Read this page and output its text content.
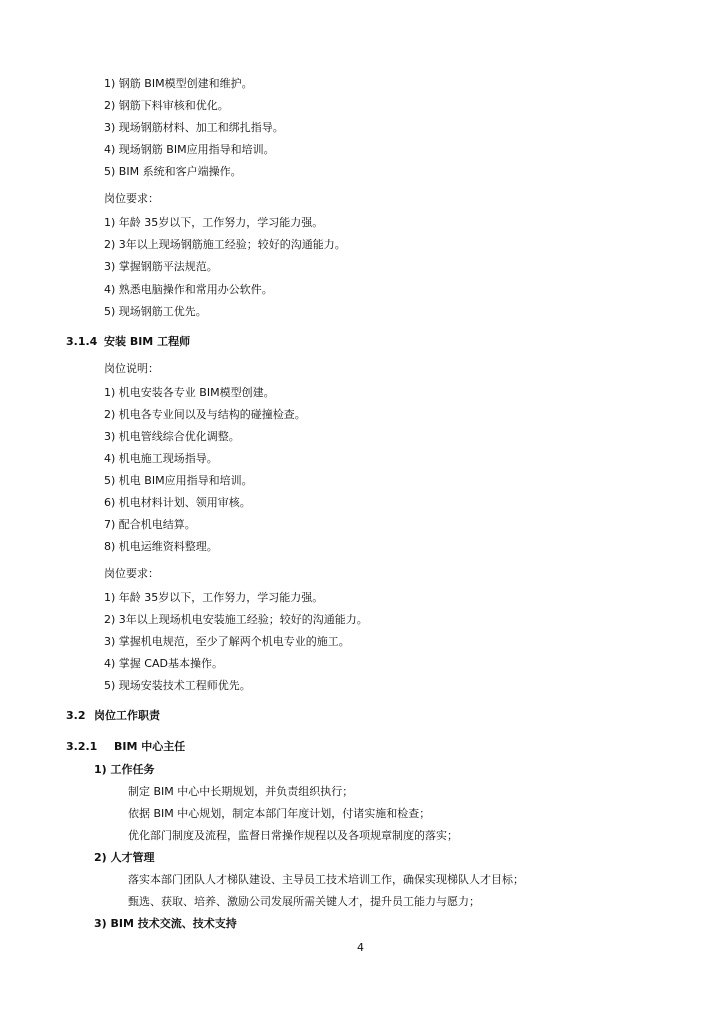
1) 钢筋 BIM模型创建和维护。
2) 钢筋下料审核和优化。
3) 现场钢筋材料、加工和绑扎指导。
4) 现场钢筋 BIM应用指导和培训。
5) BIM 系统和客户端操作。
岗位要求：
1) 年龄 35岁以下，工作努力，学习能力强。
2) 3年以上现场钢筋施工经验；较好的沟通能力。
3) 掌握钢筋平法规范。
4) 熟悉电脑操作和常用办公软件。
5) 现场钢筋工优先。
3.1.4 安装 BIM 工程师
岗位说明：
1) 机电安装各专业 BIM模型创建。
2) 机电各专业间以及与结构的碰撞检查。
3) 机电管线综合优化调整。
4) 机电施工现场指导。
5) 机电 BIM应用指导和培训。
6) 机电材料计划、领用审核。
7) 配合机电结算。
8) 机电运维资料整理。
岗位要求：
1) 年龄 35岁以下，工作努力，学习能力强。
2) 3年以上现场机电安装施工经验；较好的沟通能力。
3) 掌握机电规范，至少了解两个机电专业的施工。
4) 掌握 CAD基本操作。
5) 现场安装技术工程师优先。
3.2 岗位工作职责
3.2.1 BIM 中心主任
1) 工作任务
制定 BIM 中心中长期规划，并负责组织执行；
依据 BIM 中心规划，制定本部门年度计划，付诸实施和检查；
优化部门制度及流程，监督日常操作规程以及各项规章制度的落实；
2) 人才管理
落实本部门团队人才梯队建设、主导员工技术培训工作，确保实现梯队人才目标；
甄选、获取、培养、激励公司发展所需关键人才，提升员工能力与愿力；
3) BIM 技术交流、技术支持
4
